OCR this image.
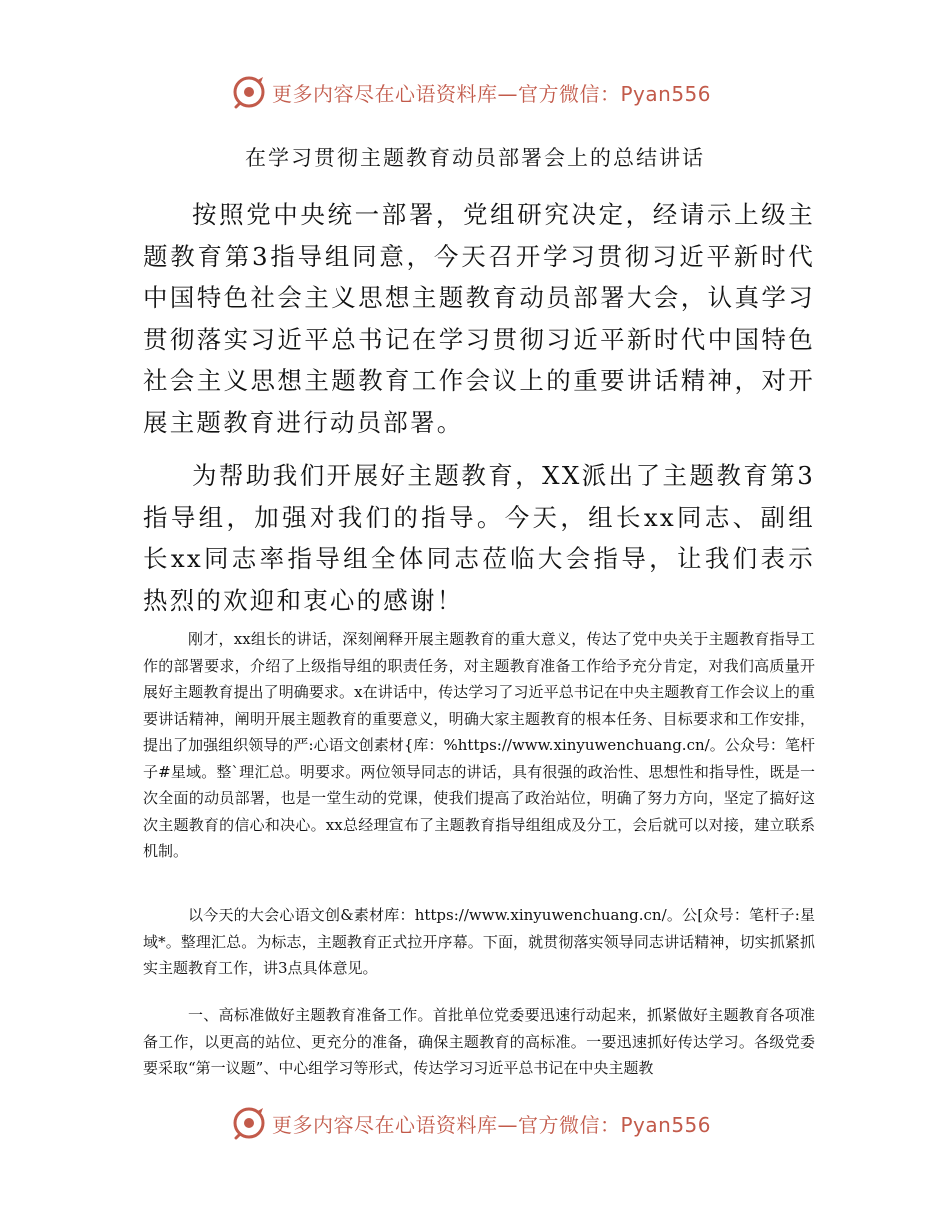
更多内容尽在心语资料库—官方微信：Pyan556
在学习贯彻主题教育动员部署会上的总结讲话

按照党中央统一部署，党组研究决定，经请示上级主题教育第3指导组同意，今天召开学习贯彻习近平新时代中国特色社会主义思想主题教育动员部署大会，认真学习贯彻落实习近平总书记在学习贯彻习近平新时代中国特色社会主义思想主题教育工作会议上的重要讲话精神，对开展主题教育进行动员部署。

为帮助我们开展好主题教育，XX派出了主题教育第3指导组，加强对我们的指导。今天，组长xx同志、副组长xx同志率指导组全体同志莅临大会指导，让我们表示热烈的欢迎和衷心的感谢！

刚才，xx组长的讲话，深刻阐释开展主题教育的重大意义，传达了党中央关于主题教育指导工作的部署要求，介绍了上级指导组的职责任务，对主题教育准备工作给予充分肯定，对我们高质量开展好主题教育提出了明确要求。x在讲话中，传达学习了习近平总书记在中央主题教育工作会议上的重要讲话精神，阐明开展主题教育的重要意义，明确大家主题教育的根本任务、目标要求和工作安排，提出了加强组织领导的严:心语文创素材{库：%https://www.xinyuwenchuang.cn/。公众号：笔杆子#星域。整`理汇总。明要求。两位领导同志的讲话，具有很强的政治性、思想性和指导性，既是一次全面的动员部署，也是一堂生动的党课，使我们提高了政治站位，明确了努力方向，坚定了搞好这次主题教育的信心和决心。xx总经理宣布了主题教育指导组组成及分工，会后就可以对接，建立联系机制。

以今天的大会心语文创&素材库：https://www.xinyuwenchuang.cn/。公[众号：笔杆子:星域*。整理汇总。为标志，主题教育正式拉开序幕。下面，就贯彻落实领导同志讲话精神，切实抓紧抓实主题教育工作，讲3点具体意见。

一、高标准做好主题教育准备工作。首批单位党委要迅速行动起来，抓紧做好主题教育各项准备工作，以更高的站位、更充分的准备，确保主题教育的高标准。一要迅速抓好传达学习。各级党委要采取“第一议题”、中心组学习等形式，传达学习习近平总书记在中央主题教

更多内容尽在心语资料库—官方微信：Pyan556
